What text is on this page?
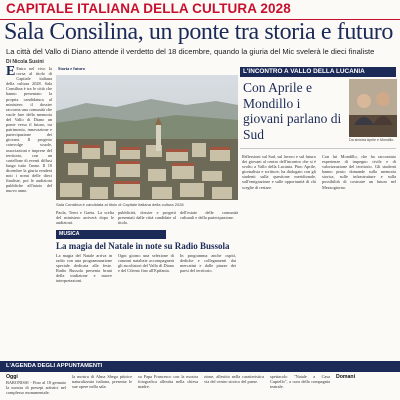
CAPITALE ITALIANA DELLA CULTURA 2028
Sala Consilina, un ponte tra storia e futuro
La città del Vallo di Diano attende il verdetto del 18 dicembre, quando la giuria del Mic svelerà le dieci finaliste
Di Nicola Susini
E Entra nel vivo la corsa al titolo di Capitale italiana della cultura 2028. Sala Consilina è tra le città che hanno presentato la propria candidatura al ministero: il dossier racconta una comunità che vuole fare della memoria del Vallo di Diano un ponte verso il futuro, tra patrimonio, innovazione e partecipazione dei giovani. Il progetto coinvolge scuole, associazioni e imprese del territorio, con un cartellone di eventi diffusi lungo tutto l'anno. Il 18 dicembre la giuria renderà noti i nomi delle dieci finaliste, poi le audizioni pubbliche all'inizio del nuovo anno.
Storia e futuro
Sala Consilina è candidata al titolo di Capitale italiana della cultura 2028
Paola, Terni e Gaeta. La scelta del ministero arriverà dopo le audizioni.
pubblicità, dossier e progetti presentati dalle città candidate al titolo.
dell'estate delle comunità culturali e della partecipazione.
L'INCONTRO A VALLO DELLA LUCANIA
Con Aprile e Mondillo i giovani parlano di Sud	Da sinistra Aprile e Mondillo
Riflessioni sul Sud, sul lavoro e sul futuro dei giovani al centro dell'incontro che si è svolto a Vallo della Lucania. Pino Aprile, giornalista e scrittore, ha dialogato con gli studenti sulla questione meridionale, sull'emigrazione e sulle opportunità di chi sceglie di restare.
Con lui Mondillo, che ha raccontato esperienze di impegno civile e di valorizzazione del territorio. Gli studenti hanno posto domande sulla memoria storica, sulle infrastrutture e sulla possibilità di costruire un futuro nel Mezzogiorno.
MUSICA
La magia del Natale in note su Radio Bussola
La magia del Natale arriva in radio con una programmazione speciale dedicata alle feste. Radio Bussola presenta brani della tradizione e nuove interpretazioni.
Ogni giorno una selezione di canzoni natalizie accompagnerà gli ascoltatori del Vallo di Diano e del Cilento fino all'Epifania.
In programma anche ospiti, dediche e collegamenti dai mercatini e dalle piazze dei paesi del territorio.
L'AGENDA DEGLI APPUNTAMENTI
Oggi
BARONISSI - Fino al 18 gennaio la mostra di presepi artistici nel complesso monumentale.
la mostra di Alma Shega pittrice naturalizzata italiana, presenta le sue opere nella sala.
su Papa Francesco con la mostra fotografica allestita nella chiesa madre.
zione, allestito nella caratteristica via del centro storico del paese.
spettacolo "Natale a Casa Cupiello", a cura della compagnia teatrale.
Domani
